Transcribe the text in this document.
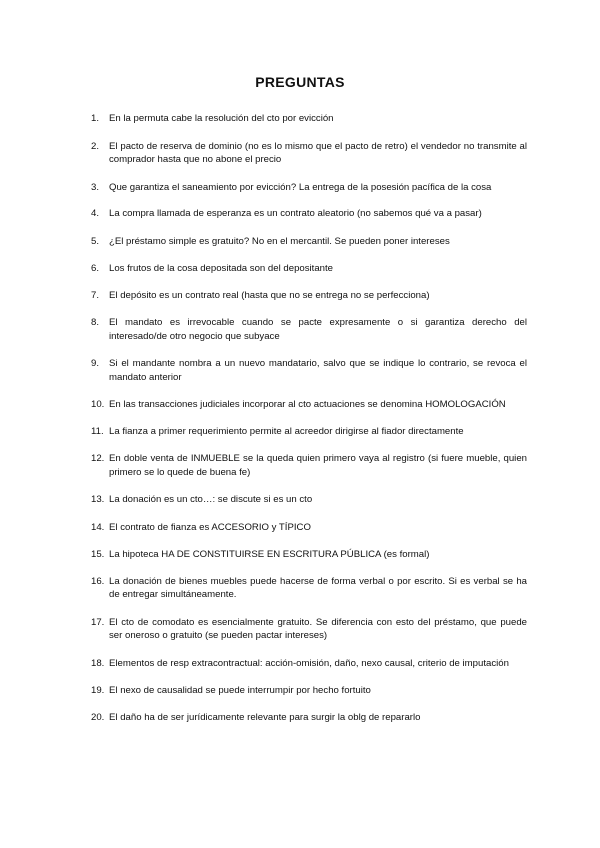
PREGUNTAS
1.	En la permuta cabe la resolución del cto por evicción
2.	El pacto de reserva de dominio (no es lo mismo que el pacto de retro) el vendedor no transmite al comprador hasta que no abone el precio
3.	Que garantiza el saneamiento por evicción? La entrega de la posesión pacífica de la cosa
4.	La compra llamada de esperanza es un contrato aleatorio (no sabemos qué va a pasar)
5.	¿El préstamo simple es gratuito? No en el mercantil. Se pueden poner intereses
6.	Los frutos de la cosa depositada son del depositante
7.	El depósito es un contrato real (hasta que no se entrega no se perfecciona)
8.	El mandato es irrevocable cuando se pacte expresamente o si garantiza derecho del interesado/de otro negocio que subyace
9.	Si el mandante nombra a un nuevo mandatario, salvo que se indique lo contrario, se revoca el mandato anterior
10. En las transacciones judiciales incorporar al cto actuaciones se denomina HOMOLOGACIÓN
11. La fianza a primer requerimiento permite al acreedor dirigirse al fiador directamente
12. En doble venta de INMUEBLE se la queda quien primero vaya al registro (si fuere mueble, quien primero se lo quede de buena fe)
13. La donación es un cto…: se discute si es un cto
14. El contrato de fianza es ACCESORIO y TÍPICO
15. La hipoteca HA DE CONSTITUIRSE EN ESCRITURA PÚBLICA (es formal)
16. La donación de bienes muebles puede hacerse de forma verbal o por escrito. Si es verbal se ha de entregar simultáneamente.
17. El cto de comodato es esencialmente gratuito. Se diferencia con esto del préstamo, que puede ser oneroso o gratuito (se pueden pactar intereses)
18. Elementos de resp extracontractual: acción-omisión, daño, nexo causal, criterio de imputación
19. El nexo de causalidad se puede interrumpir por hecho fortuito
20. El daño ha de ser jurídicamente relevante para surgir la oblg de repararlo
